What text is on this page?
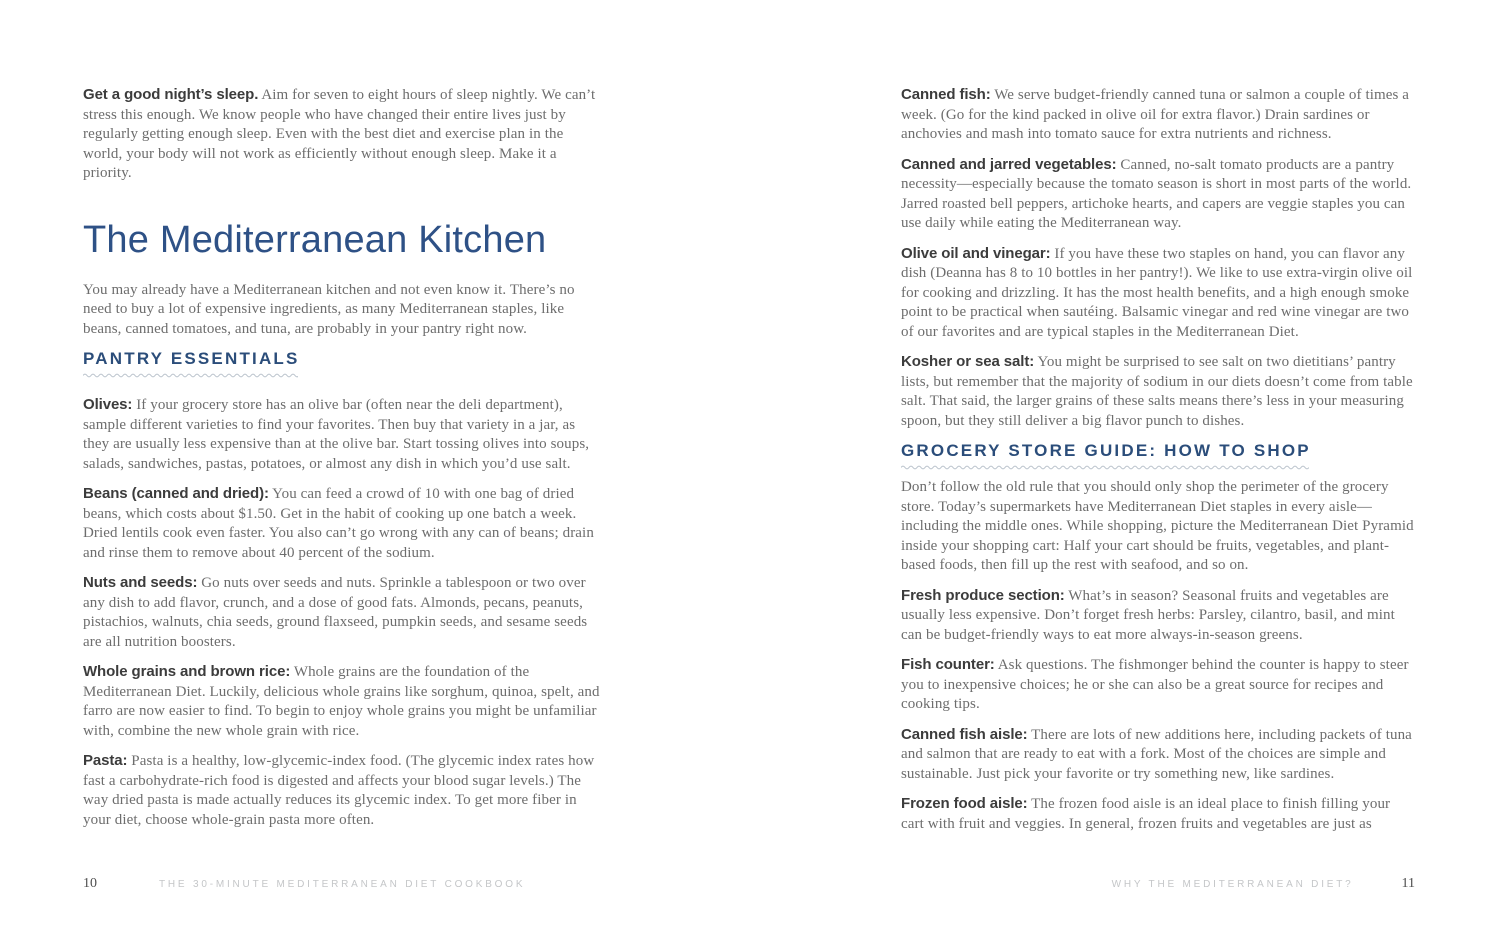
Get a good night’s sleep. Aim for seven to eight hours of sleep nightly. We can’t stress this enough. We know people who have changed their entire lives just by regularly getting enough sleep. Even with the best diet and exercise plan in the world, your body will not work as efficiently without enough sleep. Make it a priority.

The Mediterranean Kitchen

You may already have a Mediterranean kitchen and not even know it. There’s no need to buy a lot of expensive ingredients, as many Mediterranean staples, like beans, canned tomatoes, and tuna, are probably in your pantry right now.

PANTRY ESSENTIALS

Olives: If your grocery store has an olive bar (often near the deli department), sample different varieties to find your favorites. Then buy that variety in a jar, as they are usually less expensive than at the olive bar. Start tossing olives into soups, salads, sandwiches, pastas, potatoes, or almost any dish in which you’d use salt.

Beans (canned and dried): You can feed a crowd of 10 with one bag of dried beans, which costs about $1.50. Get in the habit of cooking up one batch a week. Dried lentils cook even faster. You also can’t go wrong with any can of beans; drain and rinse them to remove about 40 percent of the sodium.

Nuts and seeds: Go nuts over seeds and nuts. Sprinkle a tablespoon or two over any dish to add flavor, crunch, and a dose of good fats. Almonds, pecans, peanuts, pistachios, walnuts, chia seeds, ground flaxseed, pumpkin seeds, and sesame seeds are all nutrition boosters.

Whole grains and brown rice: Whole grains are the foundation of the Mediterranean Diet. Luckily, delicious whole grains like sorghum, quinoa, spelt, and farro are now easier to find. To begin to enjoy whole grains you might be unfamiliar with, combine the new whole grain with rice.

Pasta: Pasta is a healthy, low-glycemic-index food. (The glycemic index rates how fast a carbohydrate-rich food is digested and affects your blood sugar levels.) The way dried pasta is made actually reduces its glycemic index. To get more fiber in your diet, choose whole-grain pasta more often.

10	THE 30-MINUTE MEDITERRANEAN DIET COOKBOOK

Canned fish: We serve budget-friendly canned tuna or salmon a couple of times a week. (Go for the kind packed in olive oil for extra flavor.) Drain sardines or anchovies and mash into tomato sauce for extra nutrients and richness.

Canned and jarred vegetables: Canned, no-salt tomato products are a pantry necessity—especially because the tomato season is short in most parts of the world. Jarred roasted bell peppers, artichoke hearts, and capers are veggie staples you can use daily while eating the Mediterranean way.

Olive oil and vinegar: If you have these two staples on hand, you can flavor any dish (Deanna has 8 to 10 bottles in her pantry!). We like to use extra-virgin olive oil for cooking and drizzling. It has the most health benefits, and a high enough smoke point to be practical when sautéing. Balsamic vinegar and red wine vinegar are two of our favorites and are typical staples in the Mediterranean Diet.

Kosher or sea salt: You might be surprised to see salt on two dietitians’ pantry lists, but remember that the majority of sodium in our diets doesn’t come from table salt. That said, the larger grains of these salts means there’s less in your measuring spoon, but they still deliver a big flavor punch to dishes.

GROCERY STORE GUIDE: HOW TO SHOP

Don’t follow the old rule that you should only shop the perimeter of the grocery store. Today’s supermarkets have Mediterranean Diet staples in every aisle—including the middle ones. While shopping, picture the Mediterranean Diet Pyramid inside your shopping cart: Half your cart should be fruits, vegetables, and plant-based foods, then fill up the rest with seafood, and so on.

Fresh produce section: What’s in season? Seasonal fruits and vegetables are usually less expensive. Don’t forget fresh herbs: Parsley, cilantro, basil, and mint can be budget-friendly ways to eat more always-in-season greens.

Fish counter: Ask questions. The fishmonger behind the counter is happy to steer you to inexpensive choices; he or she can also be a great source for recipes and cooking tips.

Canned fish aisle: There are lots of new additions here, including packets of tuna and salmon that are ready to eat with a fork. Most of the choices are simple and sustainable. Just pick your favorite or try something new, like sardines.

Frozen food aisle: The frozen food aisle is an ideal place to finish filling your cart with fruit and veggies. In general, frozen fruits and vegetables are just as

WHY THE MEDITERRANEAN DIET?	11
